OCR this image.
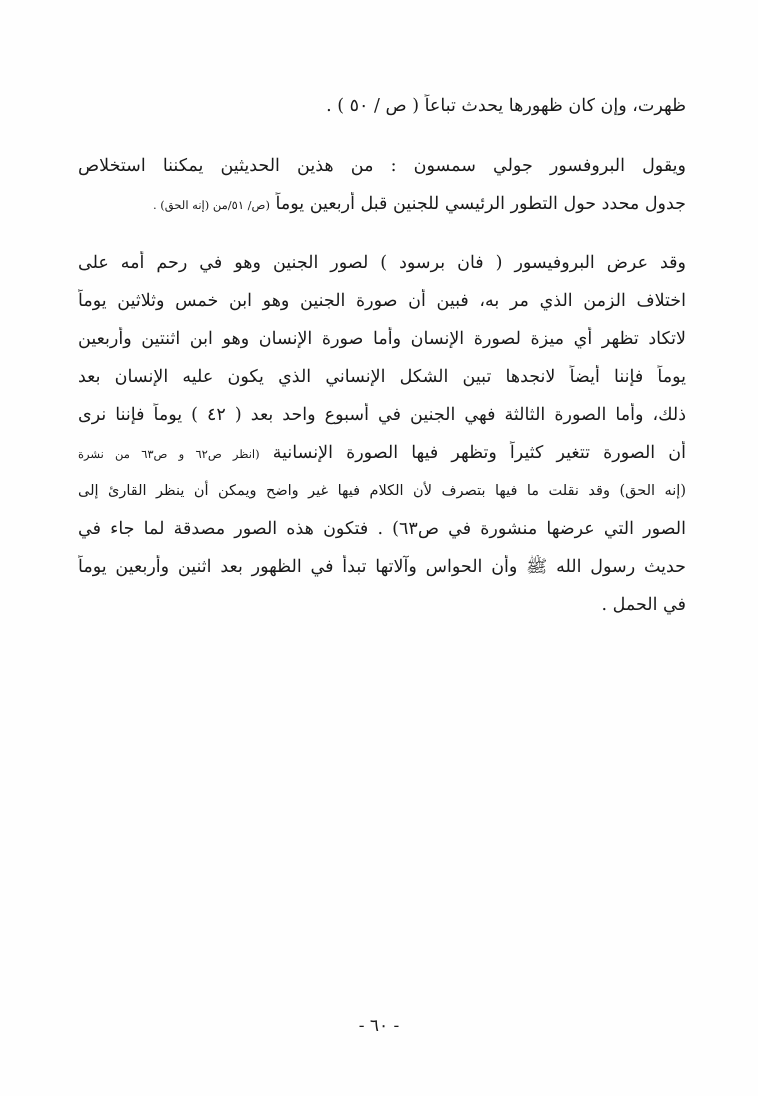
ظهرت، وإن كان ظهورها يحدث تباعاً ( ص / ٥٠ ) .
ويقول البروفسور جولي سمسون : من هذين الحديثين يمكننا استخلاص
جدول محدد حول التطور الرئيسي للجنين قبل أربعين يوماً (ص/ ٥١/من (إنه الحق) .
وقد عرض البروفيسور ( فان برسود ) لصور الجنين وهو في رحم أمه على
اختلاف الزمن الذي مر به، فبين أن صورة الجنين وهو ابن خمس وثلاثين يوماً
لاتكاد تظهر أي ميزة لصورة الإنسان وأما صورة الإنسان وهو ابن اثنتين وأربعين
يوماً فإننا أيضاً لانجدها تبين الشكل الإنساني الذي يكون عليه الإنسان بعد
ذلك، وأما الصورة الثالثة فهي الجنين في أسبوع واحد بعد ( ٤٢ ) يوماً فإننا نرى
أن الصورة تتغير كثيراً وتظهر فيها الصورة الإنسانية (انظر ص٦٢ و ص٦٣ من نشرة
(إنه الحق) وقد نقلت ما فيها بتصرف لأن الكلام فيها غير واضح ويمكن أن ينظر القارئ إلى
الصور التي عرضها منشورة في ص٦٣) . فتكون هذه الصور مصدقة لما جاء في
حديث رسول الله ﷺ وأن الحواس وآلاتها تبدأ في الظهور بعد اثنين وأربعين يوماً
في الحمل .
- ٦٠ -
